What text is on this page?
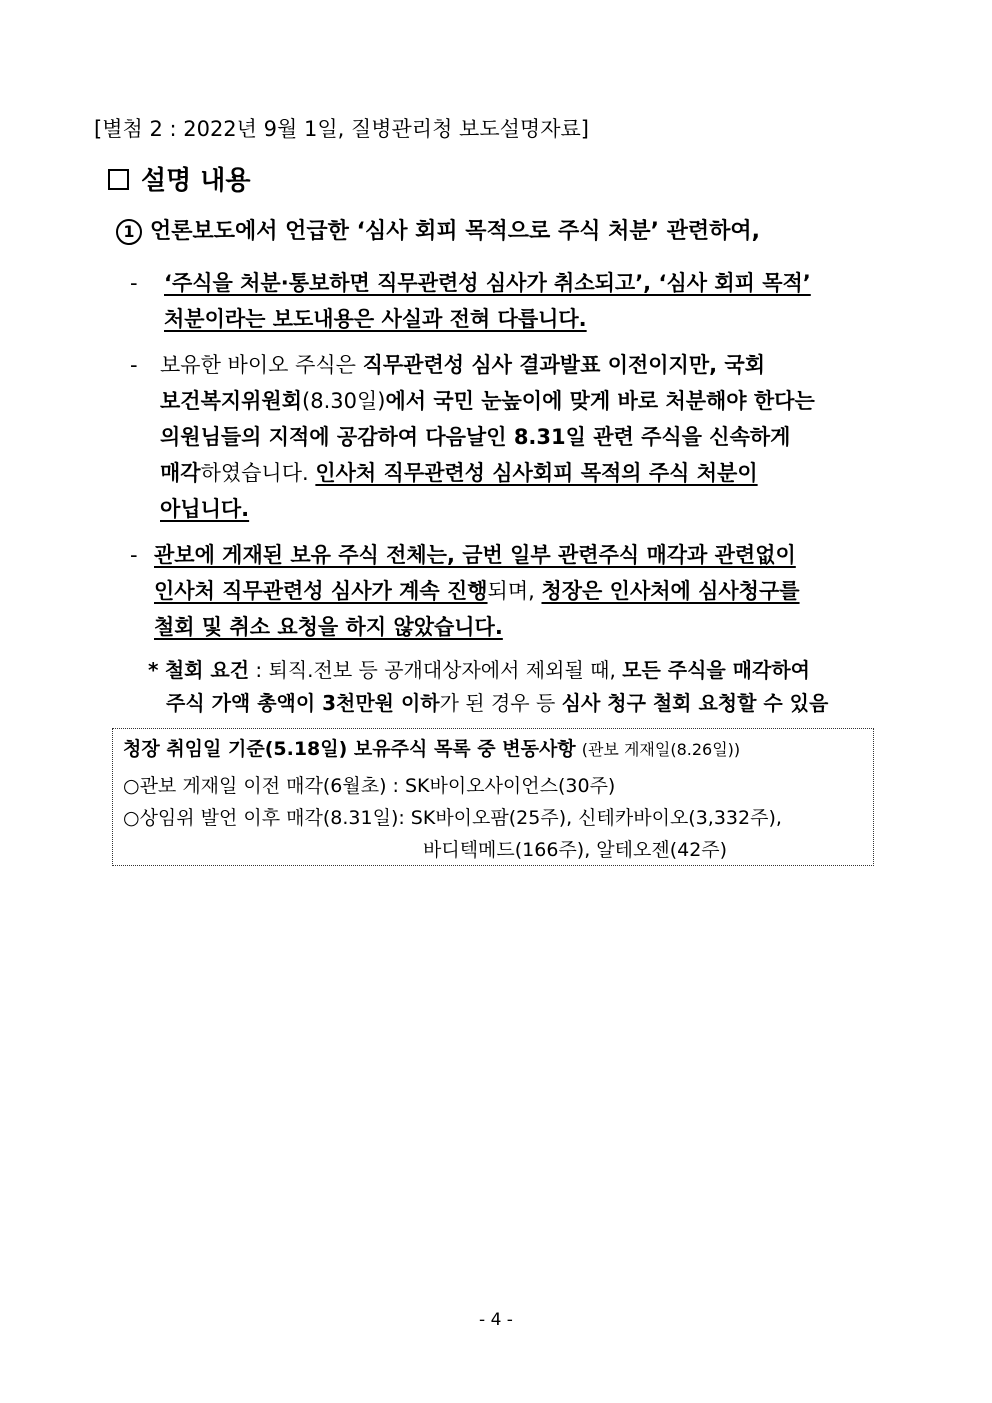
[별첨 2 : 2022년 9월 1일, 질병관리청 보도설명자료]
설명 내용
1 언론보도에서 언급한 ‘심사 회피 목적으로 주식 처분’ 관련하여,
- ‘주식을 처분·통보하면 직무관련성 심사가 취소되고’, ‘심사 회피 목적’
처분이라는 보도내용은 사실과 전혀 다릅니다.
- 보유한 바이오 주식은 직무관련성 심사 결과발표 이전이지만, 국회
보건복지위원회(8.30일)에서 국민 눈높이에 맞게 바로 처분해야 한다는
의원님들의 지적에 공감하여 다음날인 8.31일 관련 주식을 신속하게
매각하였습니다. 인사처 직무관련성 심사회피 목적의 주식 처분이
아닙니다.
- 관보에 게재된 보유 주식 전체는, 금번 일부 관련주식 매각과 관련없이
인사처 직무관련성 심사가 계속 진행되며, 청장은 인사처에 심사청구를
철회 및 취소 요청을 하지 않았습니다.
* 철회 요건 : 퇴직.전보 등 공개대상자에서 제외될 때, 모든 주식을 매각하여
주식 가액 총액이 3천만원 이하가 된 경우 등 심사 청구 철회 요청할 수 있음
청장 취임일 기준(5.18일) 보유주식 목록 중 변동사항 (관보 게재일(8.26일))
○관보 게재일 이전 매각(6월초) : SK바이오사이언스(30주)
○상임위 발언 이후 매각(8.31일): SK바이오팜(25주), 신테카바이오(3,332주),
바디텍메드(166주), 알테오젠(42주)
- 4 -
